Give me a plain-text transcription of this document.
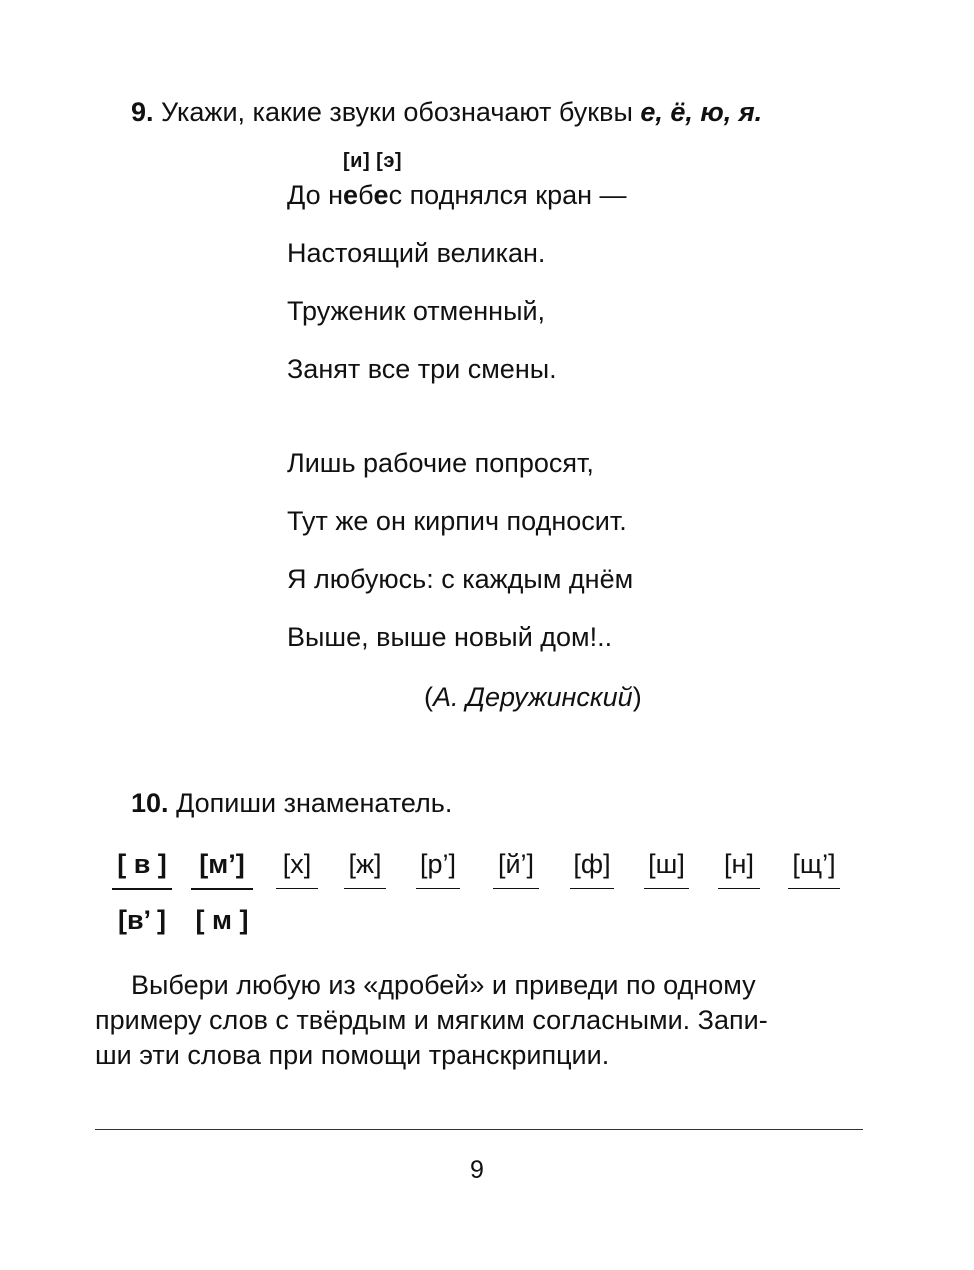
9. Укажи, какие звуки обозначают буквы е, ё, ю, я.
[и] [э]
До небес поднялся кран —
Настоящий великан.
Труженик отменный,
Занят все три смены.
Лишь рабочие попросят,
Тут же он кирпич подносит.
Я любуюсь: с каждым днём
Выше, выше новый дом!..
(А. Деружинский)
10. Допиши знаменатель.
[ в ]
[в’ ]
[м’]
[ м ]
[х] [ж] [р’] [й’] [ф] [ш] [н] [щ’]
Выбери любую из «дробей» и приведи по одному
примеру слов с твёрдым и мягким согласными. Запи-
ши эти слова при помощи транскрипции.
9
